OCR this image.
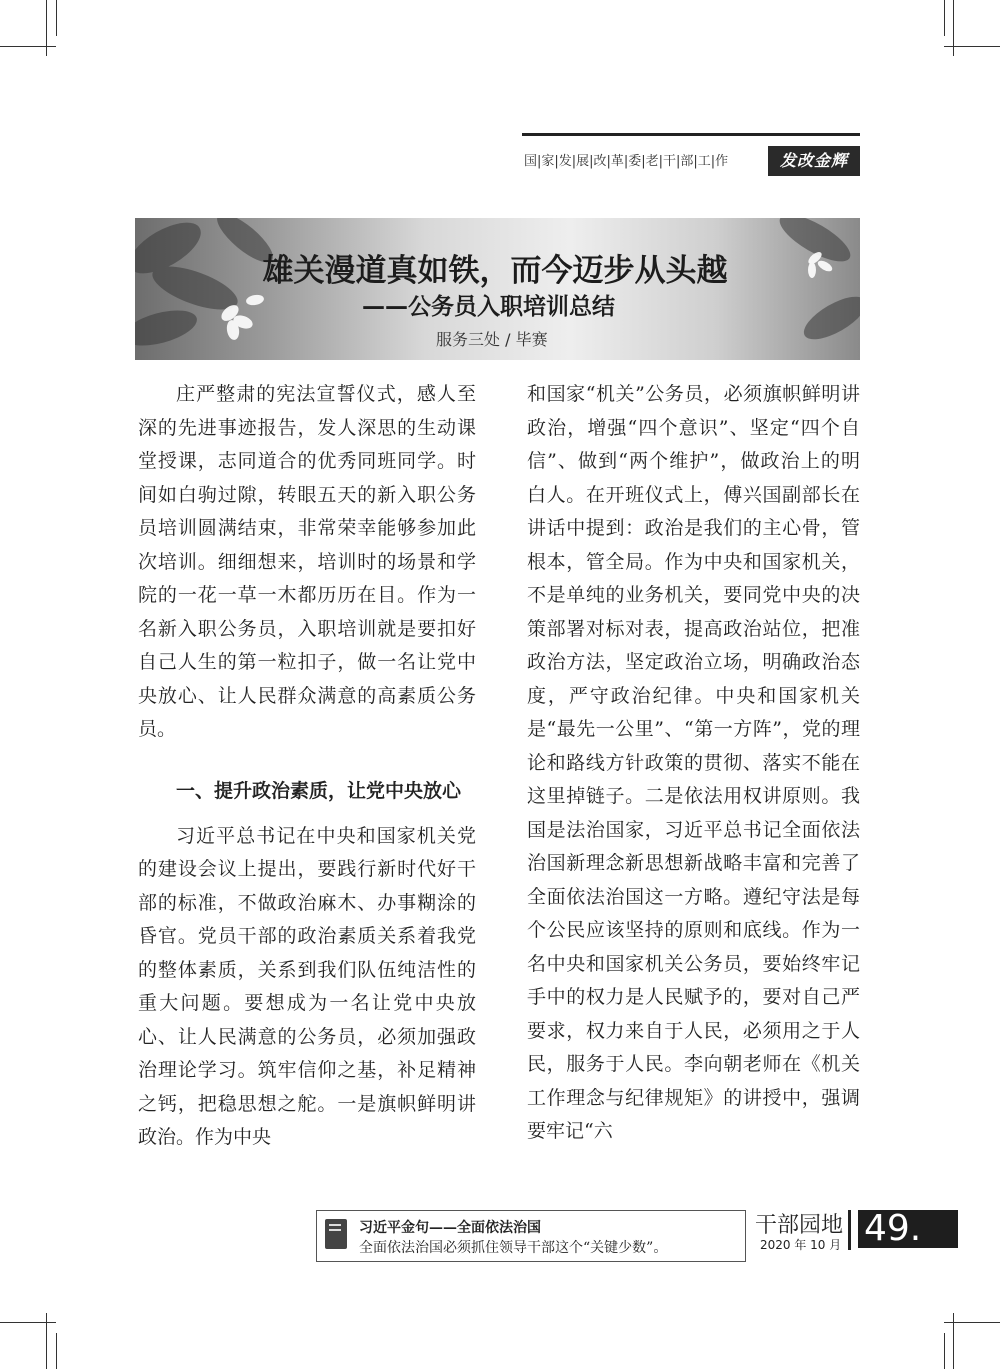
国|家|发|展|改|革|委|老|干|部|工|作	发改金辉
雄关漫道真如铁，而今迈步从头越
——公务员入职培训总结
服务三处 / 毕赛

庄严整肃的宪法宣誓仪式，感人至深的先进事迹报告，发人深思的生动课堂授课，志同道合的优秀同班同学。时间如白驹过隙，转眼五天的新入职公务员培训圆满结束，非常荣幸能够参加此次培训。细细想来，培训时的场景和学院的一花一草一木都历历在目。作为一名新入职公务员，入职培训就是要扣好自己人生的第一粒扣子，做一名让党中央放心、让人民群众满意的高素质公务员。

一、提升政治素质，让党中央放心

习近平总书记在中央和国家机关党的建设会议上提出，要践行新时代好干部的标准，不做政治麻木、办事糊涂的昏官。党员干部的政治素质关系着我党的整体素质，关系到我们队伍纯洁性的重大问题。要想成为一名让党中央放心、让人民满意的公务员，必须加强政治理论学习。筑牢信仰之基，补足精神之钙，把稳思想之舵。一是旗帜鲜明讲政治。作为中央

和国家“机关”公务员，必须旗帜鲜明讲政治，增强“四个意识”、坚定“四个自信”、做到“两个维护”，做政治上的明白人。在开班仪式上，傅兴国副部长在讲话中提到：政治是我们的主心骨，管根本，管全局。作为中央和国家机关，不是单纯的业务机关，要同党中央的决策部署对标对表，提高政治站位，把准政治方法，坚定政治立场，明确政治态度，严守政治纪律。中央和国家机关是“最先一公里”、“第一方阵”，党的理论和路线方针政策的贯彻、落实不能在这里掉链子。二是依法用权讲原则。我国是法治国家，习近平总书记全面依法治国新理念新思想新战略丰富和完善了全面依法治国这一方略。遵纪守法是每个公民应该坚持的原则和底线。作为一名中央和国家机关公务员，要始终牢记手中的权力是人民赋予的，要对自己严要求，权力来自于人民，必须用之于人民，服务于人民。李向朝老师在《机关工作理念与纪律规矩》的讲授中，强调要牢记“六

习近平金句——全面依法治国
全面依法治国必须抓住领导干部这个“关键少数”。
干部园地
2020 年 10 月 49.
